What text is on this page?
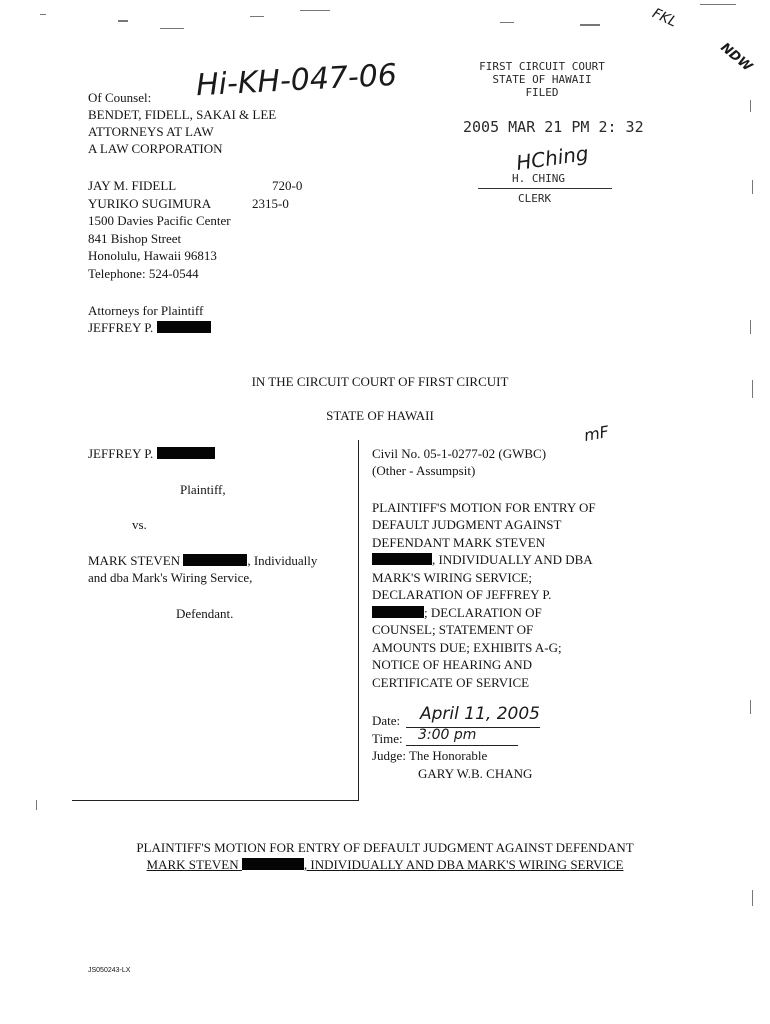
Hi-KH-047-06
FKL
NDW
Of Counsel:
BENDET, FIDELL, SAKAI & LEE
ATTORNEYS AT LAW
A LAW CORPORATION
JAY M. FIDELL	720-0
YURIKO SUGIMURA	2315-0
1500 Davies Pacific Center
841 Bishop Street
Honolulu, Hawaii 96813
Telephone: 524-0544
Attorneys for Plaintiff
JEFFREY P.
FIRST CIRCUIT COURT
STATE OF HAWAII
FILED
2005 MAR 21 PM 2: 32
HChing
H. CHING
CLERK
IN THE CIRCUIT COURT OF FIRST CIRCUIT
STATE OF HAWAII
JEFFREY P.
Plaintiff,
vs.
MARK STEVEN	, Individually
and dba Mark's Wiring Service,
Defendant.
Civil No. 05-1-0277-02 (GWBC)
mF
(Other - Assumpsit)
PLAINTIFF'S MOTION FOR ENTRY OF
DEFAULT JUDGMENT AGAINST
DEFENDANT MARK STEVEN
, INDIVIDUALLY AND DBA
MARK'S WIRING SERVICE;
DECLARATION OF JEFFREY P.
; DECLARATION OF
COUNSEL; STATEMENT OF
AMOUNTS DUE; EXHIBITS A-G;
NOTICE OF HEARING AND
CERTIFICATE OF SERVICE
Date: April 11, 2005
Time: 3:00 pm
Judge: The Honorable
GARY W.B. CHANG
PLAINTIFF'S MOTION FOR ENTRY OF DEFAULT JUDGMENT AGAINST DEFENDANT
MARK STEVEN	, INDIVIDUALLY AND DBA MARK'S WIRING SERVICE
JS050243-LX
